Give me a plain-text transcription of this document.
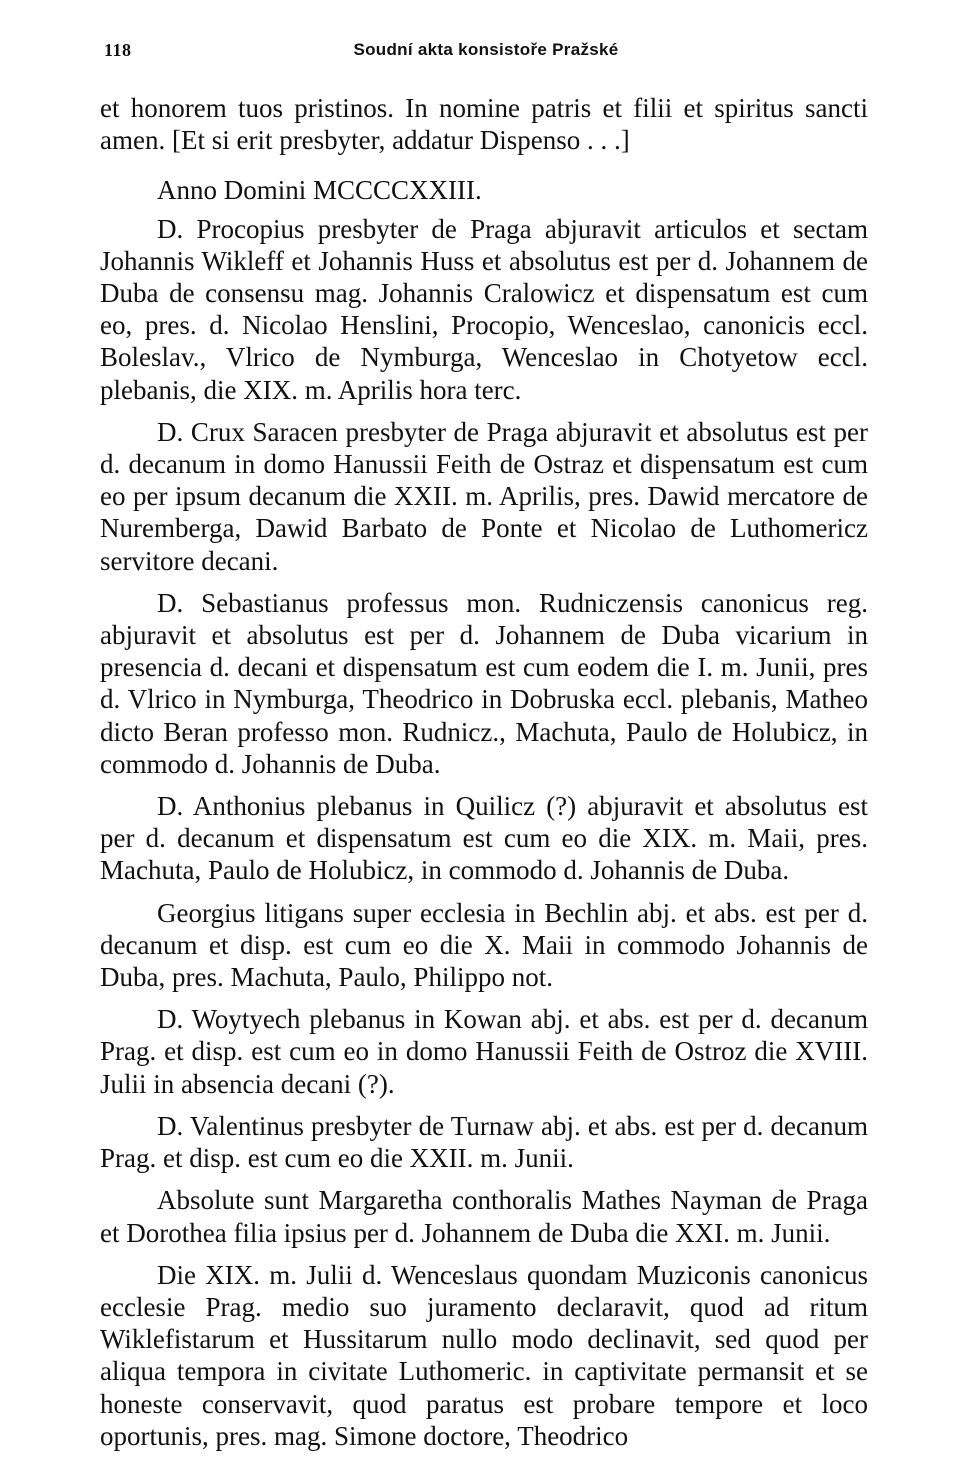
118	Soudní akta konsistoře Pražské

et honorem tuos pristinos. In nomine patris et filii et spiritus sancti amen. [Et si erit presbyter, addatur Dispenso . . .]

Anno Domini MCCCCXXIII.

D. Procopius presbyter de Praga abjuravit articulos et sectam Johannis Wikleff et Johannis Huss et absolutus est per d. Johannem de Duba de consensu mag. Johannis Cralowicz et dispensatum est cum eo, pres. d. Nicolao Henslini, Procopio, Wenceslao, canonicis eccl. Boleslav., Vlrico de Nymburga, Wenceslao in Chotyetow eccl. plebanis, die XIX. m. Aprilis hora terc.

D. Crux Saracen presbyter de Praga abjuravit et absolutus est per d. decanum in domo Hanussii Feith de Ostraz et dispensatum est cum eo per ipsum decanum die XXII. m. Aprilis, pres. Dawid mercatore de Nuremberga, Dawid Barbato de Ponte et Nicolao de Luthomericz servitore decani.

D. Sebastianus professus mon. Rudniczensis canonicus reg. abjuravit et absolutus est per d. Johannem de Duba vicarium in presencia d. decani et dispensatum est cum eodem die I. m. Junii, pres d. Vlrico in Nymburga, Theodrico in Dobruska eccl. plebanis, Matheo dicto Beran professo mon. Rudnicz., Machuta, Paulo de Holubicz, in commodo d. Johannis de Duba.

D. Anthonius plebanus in Quilicz (?) abjuravit et absolutus est per d. decanum et dispensatum est cum eo die XIX. m. Maii, pres. Machuta, Paulo de Holubicz, in commodo d. Johannis de Duba.

Georgius litigans super ecclesia in Bechlin abj. et abs. est per d. decanum et disp. est cum eo die X. Maii in commodo Johannis de Duba, pres. Machuta, Paulo, Philippo not.

D. Woytyech plebanus in Kowan abj. et abs. est per d. decanum Prag. et disp. est cum eo in domo Hanussii Feith de Ostroz die XVIII. Julii in absencia decani (?).

D. Valentinus presbyter de Turnaw abj. et abs. est per d. decanum Prag. et disp. est cum eo die XXII. m. Junii.

Absolute sunt Margaretha conthoralis Mathes Nayman de Praga et Dorothea filia ipsius per d. Johannem de Duba die XXI. m. Junii.

Die XIX. m. Julii d. Wenceslaus quondam Muziconis canonicus ecclesie Prag. medio suo juramento declaravit, quod ad ritum Wiklefistarum et Hussitarum nullo modo declinavit, sed quod per aliqua tempora in civitate Luthomeric. in captivitate permansit et se honeste conservavit, quod paratus est probare tempore et loco oportunis, pres. mag. Simone doctore, Theodrico
